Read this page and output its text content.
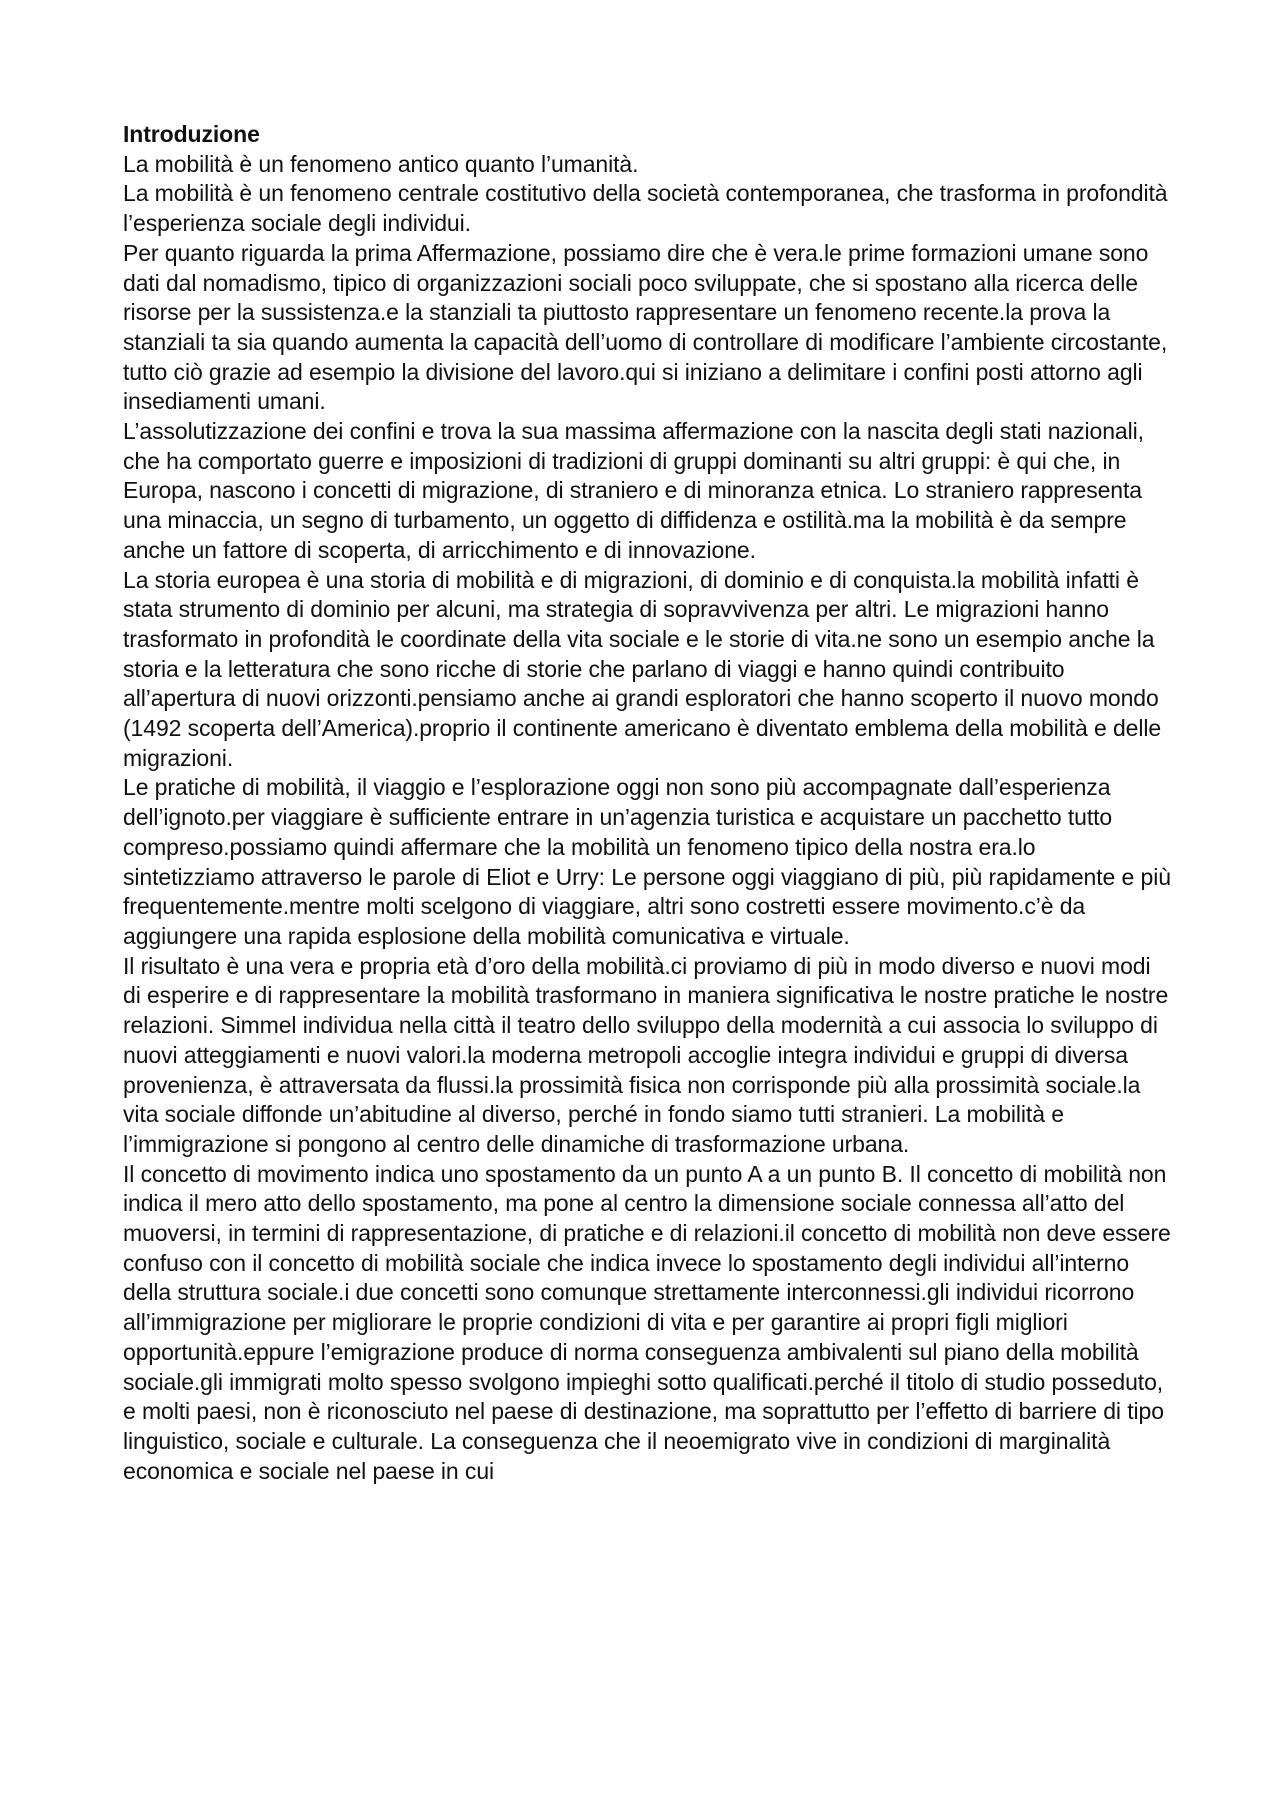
Introduzione

La mobilità è un fenomeno antico quanto l’umanità.

La mobilità è un fenomeno centrale costitutivo della società contemporanea, che trasforma in profondità l’esperienza sociale degli individui.

Per quanto riguarda la prima Affermazione, possiamo dire che è vera.le prime formazioni umane sono dati dal nomadismo, tipico di organizzazioni sociali poco sviluppate, che si spostano alla ricerca delle risorse per la sussistenza.e la stanziali ta piuttosto rappresentare un fenomeno recente.la prova la stanziali ta sia quando aumenta la capacità dell’uomo di controllare di modificare l’ambiente circostante, tutto ciò grazie ad esempio la divisione del lavoro.qui si iniziano a delimitare i confini posti attorno agli insediamenti umani.

L’assolutizzazione dei confini e trova la sua massima affermazione con la nascita degli stati nazionali, che ha comportato guerre e imposizioni di tradizioni di gruppi dominanti su altri gruppi: è qui che, in Europa, nascono i concetti di migrazione, di straniero e di minoranza etnica. Lo straniero rappresenta una minaccia, un segno di turbamento, un oggetto di diffidenza e ostilità.ma la mobilità è da sempre anche un fattore di scoperta, di arricchimento e di innovazione.

La storia europea è una storia di mobilità e di migrazioni, di dominio e di conquista.la mobilità infatti è stata strumento di dominio per alcuni, ma strategia di sopravvivenza per altri. Le migrazioni hanno trasformato in profondità le coordinate della vita sociale e le storie di vita.ne sono un esempio anche la storia e la letteratura che sono ricche di storie che parlano di viaggi e hanno quindi contribuito all’apertura di nuovi orizzonti.pensiamo anche ai grandi esploratori che hanno scoperto il nuovo mondo (1492 scoperta dell’America).proprio il continente americano è diventato emblema della mobilità e delle migrazioni.

Le pratiche di mobilità, il viaggio e l’esplorazione oggi non sono più accompagnate dall’esperienza dell’ignoto.per viaggiare è sufficiente entrare in un’agenzia turistica e acquistare un pacchetto tutto compreso.possiamo quindi affermare che la mobilità un fenomeno tipico della nostra era.lo sintetizziamo attraverso le parole di Eliot e Urry: Le persone oggi viaggiano di più, più rapidamente e più frequentemente.mentre molti scelgono di viaggiare, altri sono costretti essere movimento.c’è da aggiungere una rapida esplosione della mobilità comunicativa e virtuale.

Il risultato è una vera e propria età d’oro della mobilità.ci proviamo di più in modo diverso e nuovi modi di esperire e di rappresentare la mobilità trasformano in maniera significativa le nostre pratiche le nostre relazioni. Simmel individua nella città il teatro dello sviluppo della modernità a cui associa lo sviluppo di nuovi atteggiamenti e nuovi valori.la moderna metropoli accoglie integra individui e gruppi di diversa provenienza, è attraversata da flussi.la prossimità fisica non corrisponde più alla prossimità sociale.la vita sociale diffonde un’abitudine al diverso, perché in fondo siamo tutti stranieri. La mobilità e l’immigrazione si pongono al centro delle dinamiche di trasformazione urbana.

Il concetto di movimento indica uno spostamento da un punto A a un punto B. Il concetto di mobilità non indica il mero atto dello spostamento, ma pone al centro la dimensione sociale connessa all’atto del muoversi, in termini di rappresentazione, di pratiche e di relazioni.il concetto di mobilità non deve essere confuso con il concetto di mobilità sociale che indica invece lo spostamento degli individui all’interno della struttura sociale.i due concetti sono comunque strettamente interconnessi.gli individui ricorrono all’immigrazione per migliorare le proprie condizioni di vita e per garantire ai propri figli migliori opportunità.eppure l’emigrazione produce di norma conseguenza ambivalenti sul piano della mobilità sociale.gli immigrati molto spesso svolgono impieghi sotto qualificati.perché il titolo di studio posseduto, e molti paesi, non è riconosciuto nel paese di destinazione, ma soprattutto per l’effetto di barriere di tipo linguistico, sociale e culturale. La conseguenza che il neoemigrato vive in condizioni di marginalità economica e sociale nel paese in cui
